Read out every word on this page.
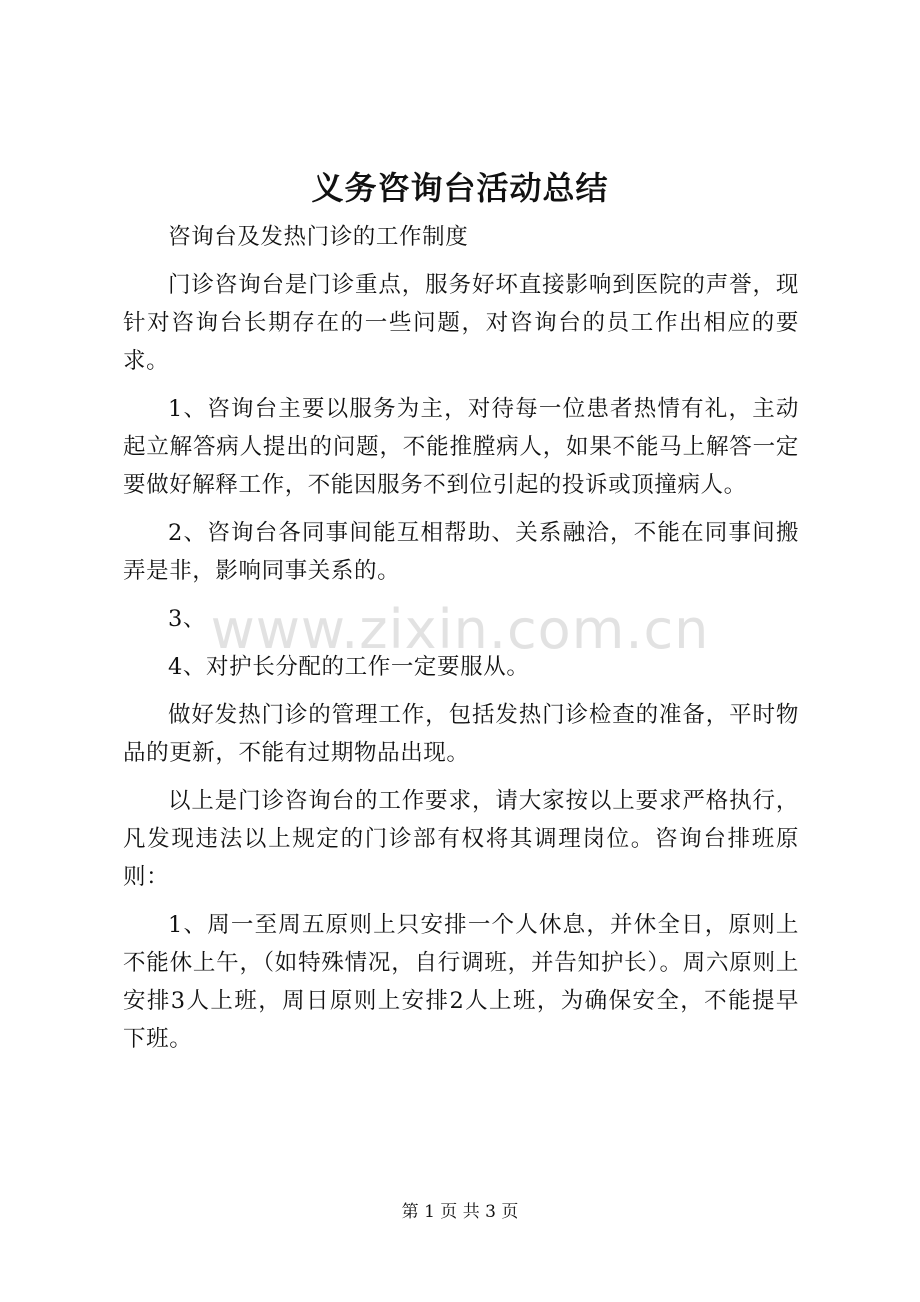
义务咨询台活动总结

咨询台及发热门诊的工作制度

门诊咨询台是门诊重点，服务好坏直接影响到医院的声誉，现针对咨询台长期存在的一些问题，对咨询台的员工作出相应的要求。

1、咨询台主要以服务为主，对待每一位患者热情有礼，主动起立解答病人提出的问题，不能推膛病人，如果不能马上解答一定要做好解释工作，不能因服务不到位引起的投诉或顶撞病人。

2、咨询台各同事间能互相帮助、关系融洽，不能在同事间搬弄是非，影响同事关系的。

3、

4、对护长分配的工作一定要服从。

做好发热门诊的管理工作，包括发热门诊检查的准备，平时物品的更新，不能有过期物品出现。

以上是门诊咨询台的工作要求，请大家按以上要求严格执行，凡发现违法以上规定的门诊部有权将其调理岗位。咨询台排班原则：

1、周一至周五原则上只安排一个人休息，并休全日，原则上不能休上午，（如特殊情况，自行调班，并告知护长）。周六原则上安排3人上班，周日原则上安排2人上班，为确保安全，不能提早下班。

www.zixin.com.cn
第 1 页 共 3 页
